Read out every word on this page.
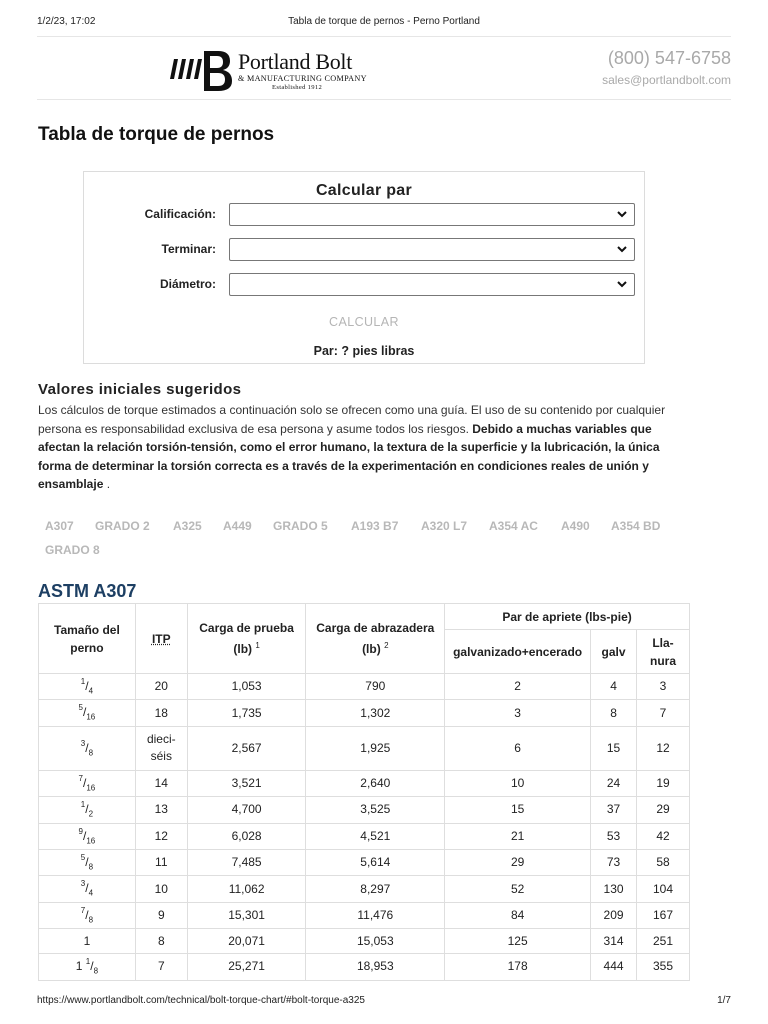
1/2/23, 17:02	Tabla de torque de pernos - Perno Portland
Portland Bolt
& MANUFACTURING COMPANY
Established 1912
(800) 547-6758
sales@portlandbolt.com
Tabla de torque de pernos
Calcular par
Calificación:
Terminar:
Diámetro:
CALCULAR
Par: ? pies libras
Valores iniciales sugeridos

Los cálculos de torque estimados a continuación solo se ofrecen como una guía. El uso de su contenido por cualquier persona es responsabilidad exclusiva de esa persona y asume todos los riesgos. Debido a muchas variables que afectan la relación torsión-tensión, como el error humano, la textura de la superficie y la lubricación, la única forma de determinar la torsión correcta es a través de la experimentación en condiciones reales de unión y ensamblaje .

A307 GRADO 2 A325 A449 GRADO 5 A193 B7 A320 L7 A354 AC A490 A354 BD
GRADO 8
ASTM A307
Tamaño del perno	ITP	Carga de prueba (lb) $^1$	Carga de abrazadera (lb) $^2$	Par de apriete (lbs-pie)		
				galvanizado+encerado	galv	Lla-nura
$^1/_4$	20	1,053	790	2	4	3
$^5/_{16}$	18	1,735	1,302	3	8	7
$^3/_8$	dieci-
séis	2,567	1,925	6	15	12
$^7/_{16}$	14	3,521	2,640	10	24	19
$^1/_2$	13	4,700	3,525	15	37	29
$^9/_{16}$	12	6,028	4,521	21	53	42
$^5/_8$	11	7,485	5,614	29	73	58
$^3/_4$	10	11,062	8,297	52	130	104
$^7/_8$	9	15,301	11,476	84	209	167
1	8	20,071	15,053	125	314	251
1 $^1/_8$	7	25,271	18,953	178	444	355
https://www.portlandbolt.com/technical/bolt-torque-chart/#bolt-torque-a325	1/7
